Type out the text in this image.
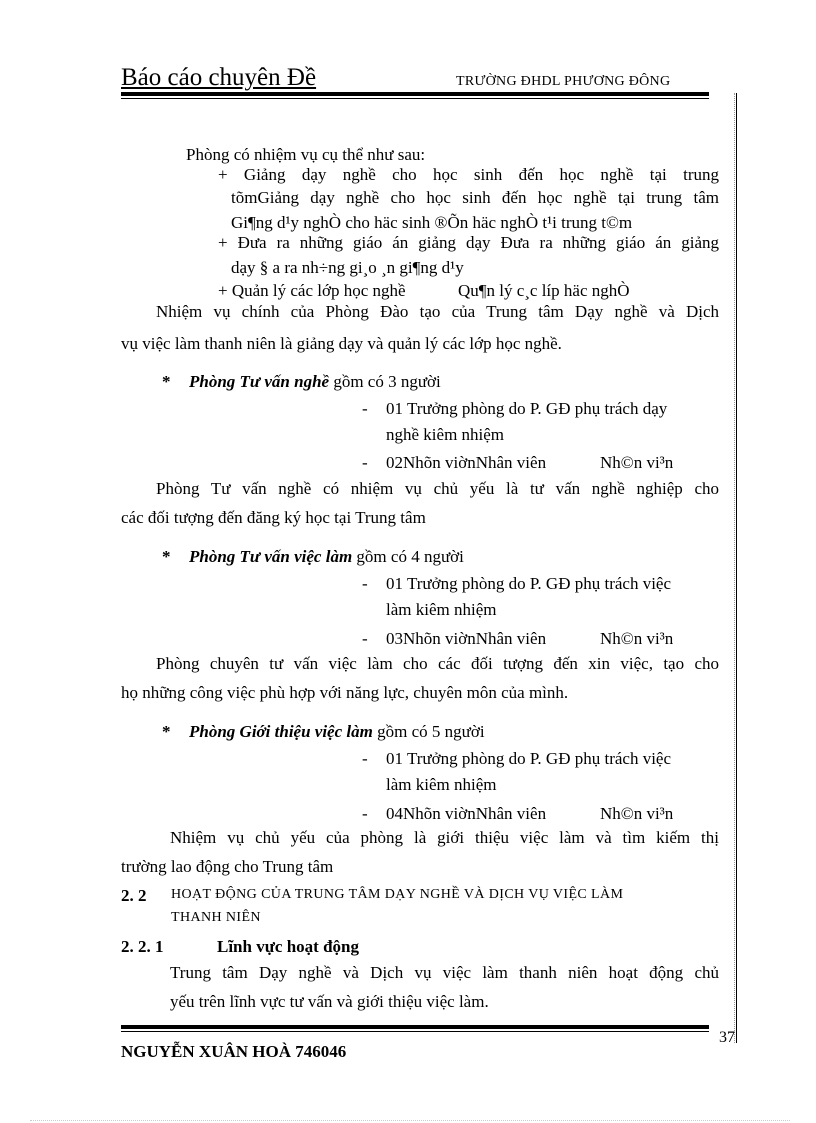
Báo cáo chuyên Đề	TRƯỜNG ĐHDL PHƯƠNG ĐÔNG
Phòng có nhiệm vụ cụ thể như sau:
+ Giảng dạy nghề cho học sinh đến học nghề tại trung
tõmGiảng dạy nghề cho học sinh đến học nghề tại trung tâm
Gi¶ng d¹y nghÒ cho häc sinh ®Õn häc nghÒ t¹i trung t©m
+ Đưa ra những giáo án giảng dạy Đưa ra những giáo án giảng
dạy § a ra nh÷ng gi¸o ¸n gi¶ng d¹y
+ Quản lý các lớp học nghề	Qu¶n lý c¸c líp häc nghÒ
Nhiệm vụ chính của Phòng Đào tạo của Trung tâm Dạy nghề và Dịch
vụ việc làm thanh niên là giảng dạy và quản lý các lớp học nghề.
* Phòng Tư vấn nghề gồm có 3 người
- 01 Trưởng phòng do P. GĐ phụ trách dạy
nghề kiêm nhiệm
- 02Nhõn viờnNhân viên	Nh©n vi³n
Phòng Tư vấn nghề có nhiệm vụ chủ yếu là tư vấn nghề nghiệp cho
các đối tượng đến đăng ký học tại Trung tâm
* Phòng Tư vấn việc làm gồm có 4 người
- 01 Trưởng phòng do P. GĐ phụ trách việc
làm kiêm nhiệm
- 03Nhõn viờnNhân viên	Nh©n vi³n
Phòng chuyên tư vấn việc làm cho các đối tượng đến xin việc, tạo cho
họ những công việc phù hợp với năng lực, chuyên môn của mình.
* Phòng Giới thiệu việc làm gồm có 5 người
- 01 Trưởng phòng do P. GĐ phụ trách việc
làm kiêm nhiệm
- 04Nhõn viờnNhân viên	Nh©n vi³n
Nhiệm vụ chủ yếu của phòng là giới thiệu việc làm và tìm kiếm thị
trường lao động cho Trung tâm
2. 2 HOẠT ĐỘNG CỦA TRUNG TÂM DẠY NGHỀ VÀ DỊCH VỤ VIỆC LÀM
THANH NIÊN
2. 2. 1	Lĩnh vực hoạt động
Trung tâm Dạy nghề và Dịch vụ việc làm thanh niên hoạt động chủ
yếu trên lĩnh vực tư vấn và giới thiệu việc làm.
NGUYỄN XUÂN HOÀ 746046
37
